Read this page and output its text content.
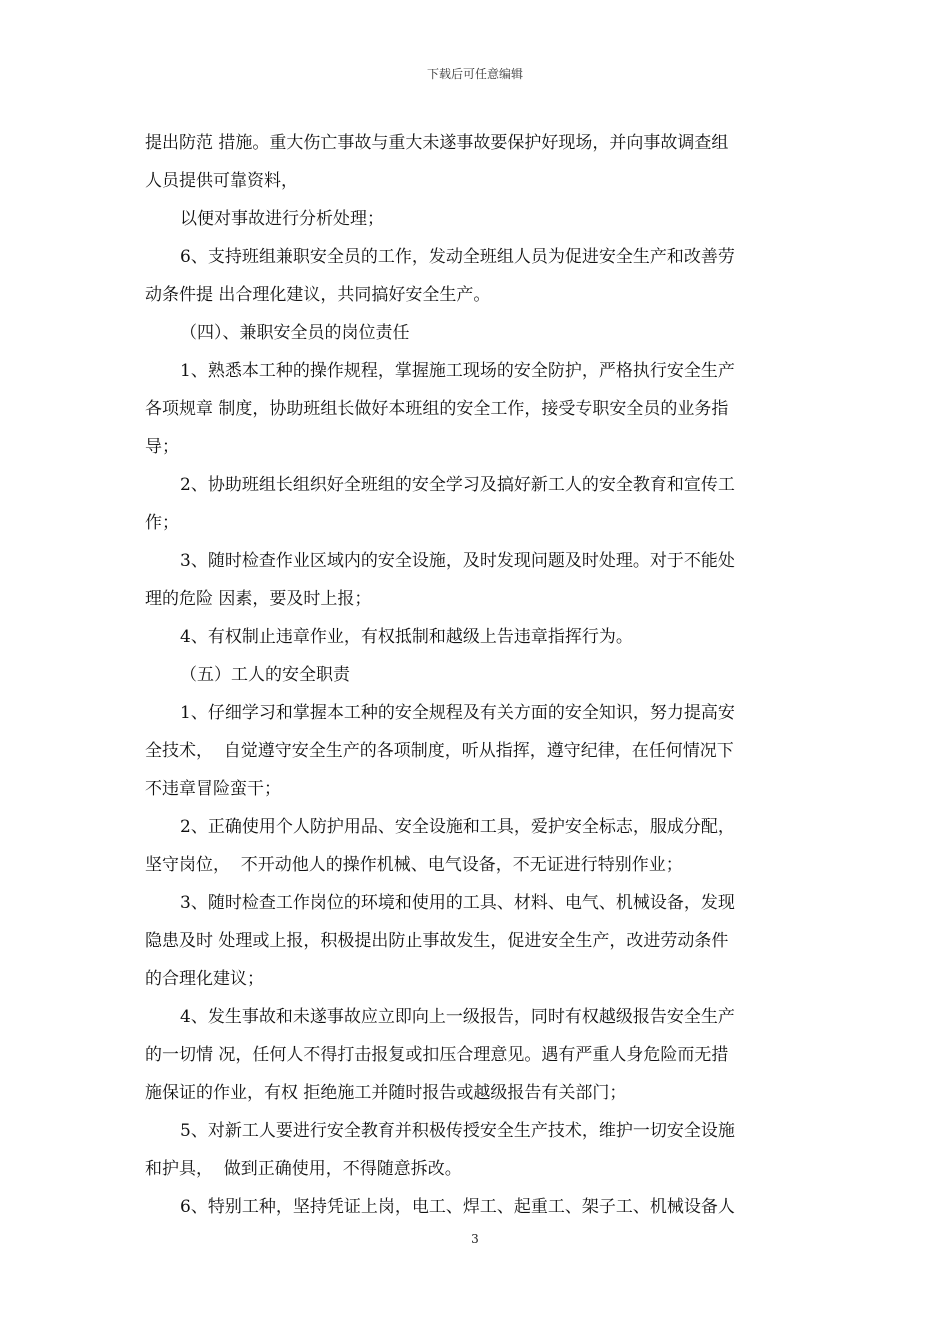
下载后可任意编辑
提出防范 措施。重大伤亡事故与重大未遂事故要保护好现场，并向事故调查组
人员提供可靠资料，
以便对事故进行分析处理；
6、支持班组兼职安全员的工作，发动全班组人员为促进安全生产和改善劳
动条件提 出合理化建议，共同搞好安全生产。
（四）、兼职安全员的岗位责任
1、熟悉本工种的操作规程，掌握施工现场的安全防护，严格执行安全生产
各项规章 制度，协助班组长做好本班组的安全工作，接受专职安全员的业务指
导；
2、协助班组长组织好全班组的安全学习及搞好新工人的安全教育和宣传工
作；
3、随时检查作业区域内的安全设施，及时发现问题及时处理。对于不能处
理的危险 因素，要及时上报；
4、有权制止违章作业，有权抵制和越级上告违章指挥行为。
（五）工人的安全职责
1、仔细学习和掌握本工种的安全规程及有关方面的安全知识，努力提高安
全技术，  自觉遵守安全生产的各项制度，听从指挥，遵守纪律，在任何情况下
不违章冒险蛮干；
2、正确使用个人防护用品、安全设施和工具，爱护安全标志，服成分配，
坚守岗位，  不开动他人的操作机械、电气设备，不无证进行特别作业；
3、随时检查工作岗位的环境和使用的工具、材料、电气、机械设备，发现
隐患及时 处理或上报，积极提出防止事故发生，促进安全生产，改进劳动条件
的合理化建议；
4、发生事故和未遂事故应立即向上一级报告，同时有权越级报告安全生产
的一切情 况，任何人不得打击报复或扣压合理意见。遇有严重人身危险而无措
施保证的作业，有权 拒绝施工并随时报告或越级报告有关部门；
5、对新工人要进行安全教育并积极传授安全生产技术，维护一切安全设施
和护具，  做到正确使用，不得随意拆改。
6、特别工种，坚持凭证上岗，电工、焊工、起重工、架子工、机械设备人
3
